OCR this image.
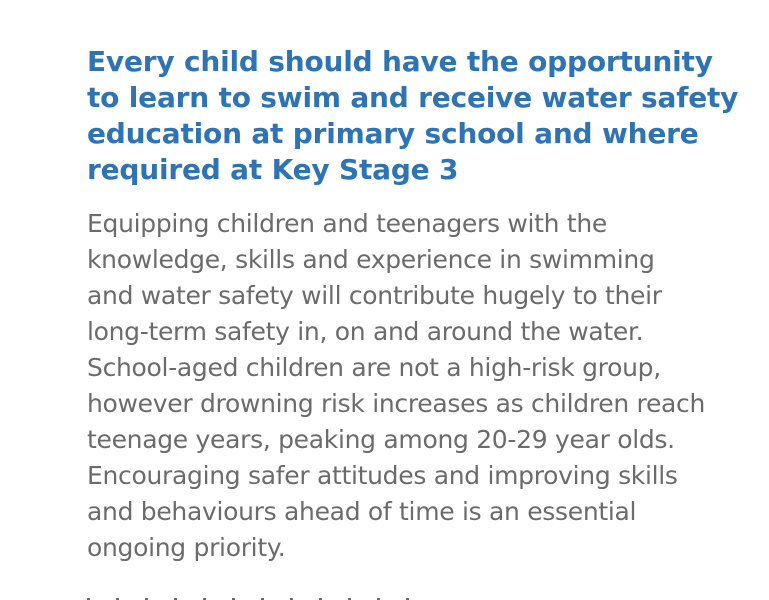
Every child should have the opportunity
to learn to swim and receive water safety
education at primary school and where
required at Key Stage 3

Equipping children and teenagers with the
knowledge, skills and experience in swimming
and water safety will contribute hugely to their
long-term safety in, on and around the water.
School-aged children are not a high-risk group,
however drowning risk increases as children reach
teenage years, peaking among 20-29 year olds.
Encouraging safer attitudes and improving skills
and behaviours ahead of time is an essential
ongoing priority.
